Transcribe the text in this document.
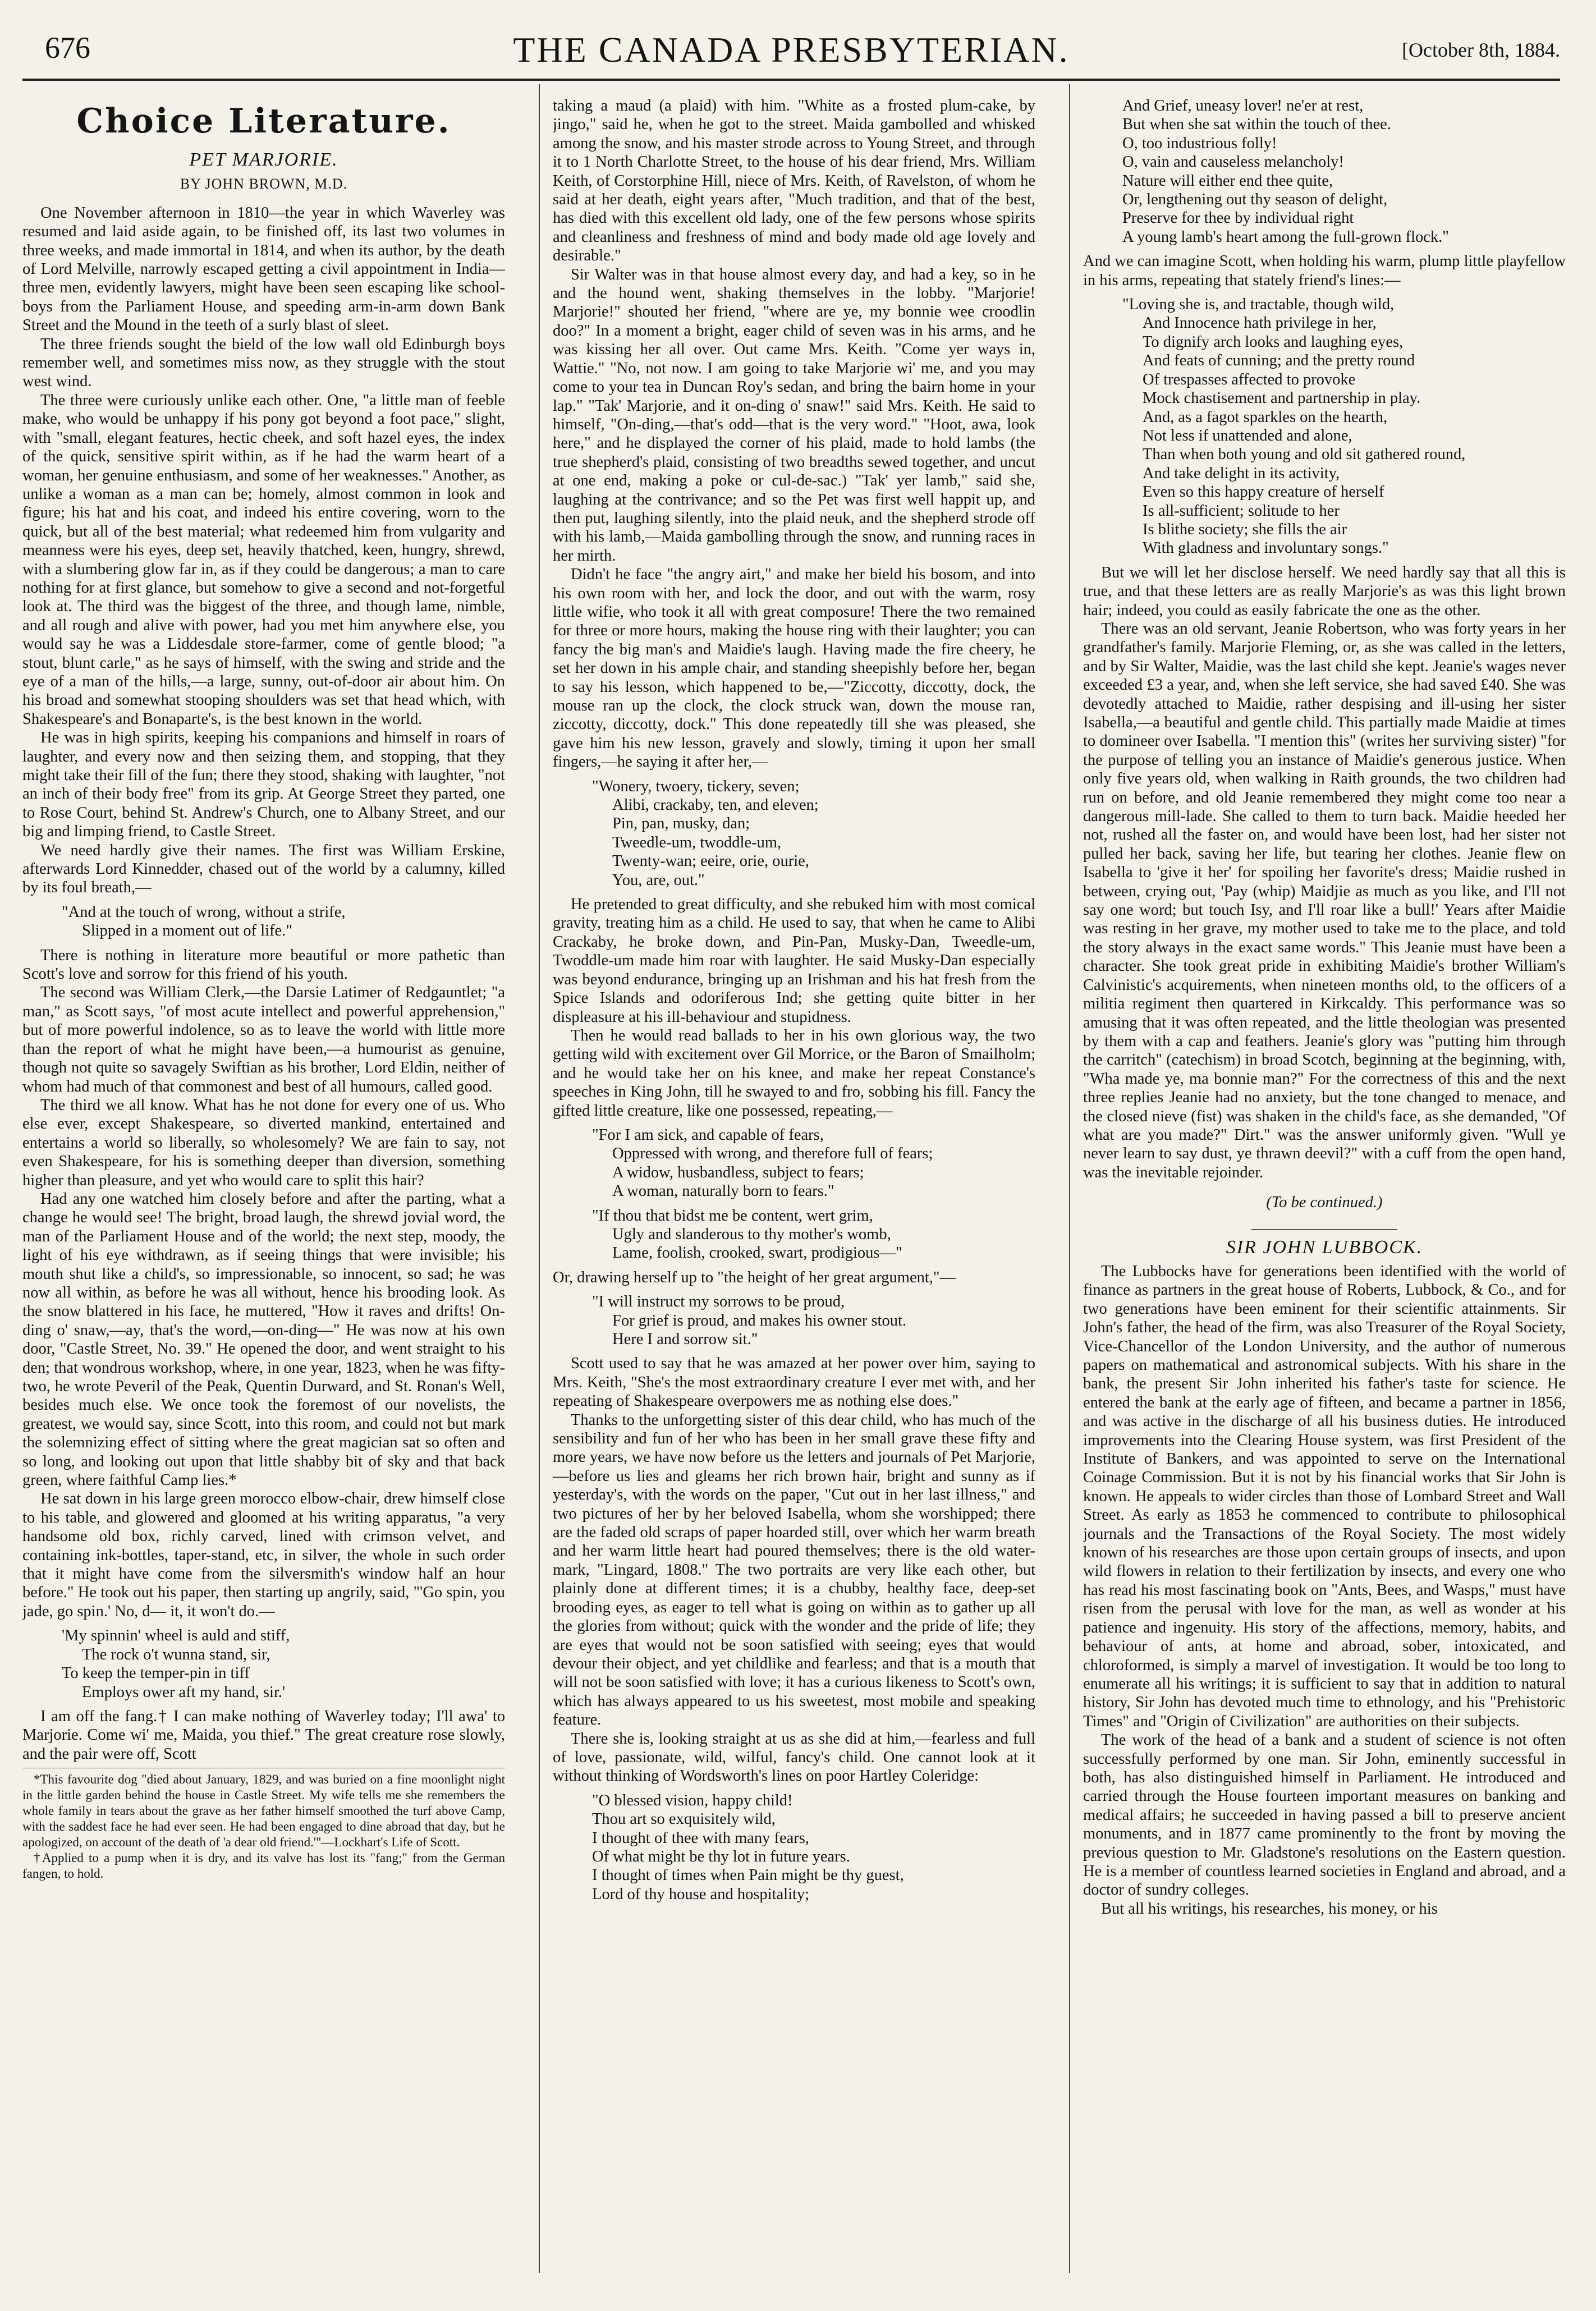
676	THE CANADA PRESBYTERIAN.	[October 8th, 1884.
Choice Literature.
PET MARJORIE.
BY JOHN BROWN, M.D.

One November afternoon in 1810—the year in which Waverley was resumed and laid aside again, to be finished off, its last two volumes in three weeks, and made immortal in 1814, and when its author, by the death of Lord Melville, narrowly escaped getting a civil appointment in India—three men, evidently lawyers, might have been seen escaping like school-boys from the Parliament House, and speeding arm-in-arm down Bank Street and the Mound in the teeth of a surly blast of sleet.

The three friends sought the bield of the low wall old Edinburgh boys remember well, and sometimes miss now, as they struggle with the stout west wind.

The three were curiously unlike each other. One, "a little man of feeble make, who would be unhappy if his pony got beyond a foot pace," slight, with "small, elegant features, hectic cheek, and soft hazel eyes, the index of the quick, sensitive spirit within, as if he had the warm heart of a woman, her genuine enthusiasm, and some of her weaknesses." Another, as unlike a woman as a man can be; homely, almost common in look and figure; his hat and his coat, and indeed his entire covering, worn to the quick, but all of the best material; what redeemed him from vulgarity and meanness were his eyes, deep set, heavily thatched, keen, hungry, shrewd, with a slumbering glow far in, as if they could be dangerous; a man to care nothing for at first glance, but somehow to give a second and not-forgetful look at. The third was the biggest of the three, and though lame, nimble, and all rough and alive with power, had you met him anywhere else, you would say he was a Liddesdale store-farmer, come of gentle blood; "a stout, blunt carle," as he says of himself, with the swing and stride and the eye of a man of the hills,—a large, sunny, out-of-door air about him. On his broad and somewhat stooping shoulders was set that head which, with Shakespeare's and Bonaparte's, is the best known in the world.

He was in high spirits, keeping his companions and himself in roars of laughter, and every now and then seizing them, and stopping, that they might take their fill of the fun; there they stood, shaking with laughter, "not an inch of their body free" from its grip. At George Street they parted, one to Rose Court, behind St. Andrew's Church, one to Albany Street, and our big and limping friend, to Castle Street.

We need hardly give their names. The first was William Erskine, afterwards Lord Kinnedder, chased out of the world by a calumny, killed by its foul breath,—

"And at the touch of wrong, without a strife,
Slipped in a moment out of life."

There is nothing in literature more beautiful or more pathetic than Scott's love and sorrow for this friend of his youth.

The second was William Clerk,—the Darsie Latimer of Redgauntlet; "a man," as Scott says, "of most acute intellect and powerful apprehension," but of more powerful indolence, so as to leave the world with little more than the report of what he might have been,—a humourist as genuine, though not quite so savagely Swiftian as his brother, Lord Eldin, neither of whom had much of that commonest and best of all humours, called good.

The third we all know. What has he not done for every one of us. Who else ever, except Shakespeare, so diverted mankind, entertained and entertains a world so liberally, so wholesomely? We are fain to say, not even Shakespeare, for his is something deeper than diversion, something higher than pleasure, and yet who would care to split this hair?

Had any one watched him closely before and after the parting, what a change he would see! The bright, broad laugh, the shrewd jovial word, the man of the Parliament House and of the world; the next step, moody, the light of his eye withdrawn, as if seeing things that were invisible; his mouth shut like a child's, so impressionable, so innocent, so sad; he was now all within, as before he was all without, hence his brooding look. As the snow blattered in his face, he muttered, "How it raves and drifts! On-ding o' snaw,—ay, that's the word,—on-ding—" He was now at his own door, "Castle Street, No. 39." He opened the door, and went straight to his den; that wondrous workshop, where, in one year, 1823, when he was fifty-two, he wrote Peveril of the Peak, Quentin Durward, and St. Ronan's Well, besides much else. We once took the foremost of our novelists, the greatest, we would say, since Scott, into this room, and could not but mark the solemnizing effect of sitting where the great magician sat so often and so long, and looking out upon that little shabby bit of sky and that back green, where faithful Camp lies.*

He sat down in his large green morocco elbow-chair, drew himself close to his table, and glowered and gloomed at his writing apparatus, "a very handsome old box, richly carved, lined with crimson velvet, and containing ink-bottles, taper-stand, etc, in silver, the whole in such order that it might have come from the silversmith's window half an hour before." He took out his paper, then starting up angrily, said, "'Go spin, you jade, go spin.' No, d— it, it won't do.—

'My spinnin' wheel is auld and stiff,
The rock o't wunna stand, sir,
To keep the temper-pin in tiff
Employs ower aft my hand, sir.'

I am off the fang.† I can make nothing of Waverley today; I'll awa' to Marjorie. Come wi' me, Maida, you thief." The great creature rose slowly, and the pair were off, Scott

*This favourite dog "died about January, 1829, and was buried on a fine moonlight night in the little garden behind the house in Castle Street. My wife tells me she remembers the whole family in tears about the grave as her father himself smoothed the turf above Camp, with the saddest face he had ever seen. He had been engaged to dine abroad that day, but he apologized, on account of the death of 'a dear old friend.'"—Lockhart's Life of Scott.

†Applied to a pump when it is dry, and its valve has lost its "fang;" from the German fangen, to hold.

taking a maud (a plaid) with him. "White as a frosted plum-cake, by jingo," said he, when he got to the street. Maida gambolled and whisked among the snow, and his master strode across to Young Street, and through it to 1 North Charlotte Street, to the house of his dear friend, Mrs. William Keith, of Corstorphine Hill, niece of Mrs. Keith, of Ravelston, of whom he said at her death, eight years after, "Much tradition, and that of the best, has died with this excellent old lady, one of the few persons whose spirits and cleanliness and freshness of mind and body made old age lovely and desirable."

Sir Walter was in that house almost every day, and had a key, so in he and the hound went, shaking themselves in the lobby. "Marjorie! Marjorie!" shouted her friend, "where are ye, my bonnie wee croodlin doo?" In a moment a bright, eager child of seven was in his arms, and he was kissing her all over. Out came Mrs. Keith. "Come yer ways in, Wattie." "No, not now. I am going to take Marjorie wi' me, and you may come to your tea in Duncan Roy's sedan, and bring the bairn home in your lap." "Tak' Marjorie, and it on-ding o' snaw!" said Mrs. Keith. He said to himself, "On-ding,—that's odd—that is the very word." "Hoot, awa, look here," and he displayed the corner of his plaid, made to hold lambs (the true shepherd's plaid, consisting of two breadths sewed together, and uncut at one end, making a poke or cul-de-sac.) "Tak' yer lamb," said she, laughing at the contrivance; and so the Pet was first well happit up, and then put, laughing silently, into the plaid neuk, and the shepherd strode off with his lamb,—Maida gambolling through the snow, and running races in her mirth.

Didn't he face "the angry airt," and make her bield his bosom, and into his own room with her, and lock the door, and out with the warm, rosy little wifie, who took it all with great composure! There the two remained for three or more hours, making the house ring with their laughter; you can fancy the big man's and Maidie's laugh. Having made the fire cheery, he set her down in his ample chair, and standing sheepishly before her, began to say his lesson, which happened to be,—"Ziccotty, diccotty, dock, the mouse ran up the clock, the clock struck wan, down the mouse ran, ziccotty, diccotty, dock." This done repeatedly till she was pleased, she gave him his new lesson, gravely and slowly, timing it upon her small fingers,—he saying it after her,—

"Wonery, twoery, tickery, seven;
Alibi, crackaby, ten, and eleven;
Pin, pan, musky, dan;
Tweedle-um, twoddle-um,
Twenty-wan; eeire, orie, ourie,
You, are, out."

He pretended to great difficulty, and she rebuked him with most comical gravity, treating him as a child. He used to say, that when he came to Alibi Crackaby, he broke down, and Pin-Pan, Musky-Dan, Tweedle-um, Twoddle-um made him roar with laughter. He said Musky-Dan especially was beyond endurance, bringing up an Irishman and his hat fresh from the Spice Islands and odoriferous Ind; she getting quite bitter in her displeasure at his ill-behaviour and stupidness.

Then he would read ballads to her in his own glorious way, the two getting wild with excitement over Gil Morrice, or the Baron of Smailholm; and he would take her on his knee, and make her repeat Constance's speeches in King John, till he swayed to and fro, sobbing his fill. Fancy the gifted little creature, like one possessed, repeating,—

"For I am sick, and capable of fears,
Oppressed with wrong, and therefore full of fears;
A widow, husbandless, subject to fears;
A woman, naturally born to fears."
"If thou that bidst me be content, wert grim,
Ugly and slanderous to thy mother's womb,
Lame, foolish, crooked, swart, prodigious—"

Or, drawing herself up to "the height of her great argument,"—

"I will instruct my sorrows to be proud,
For grief is proud, and makes his owner stout.
Here I and sorrow sit."

Scott used to say that he was amazed at her power over him, saying to Mrs. Keith, "She's the most extraordinary creature I ever met with, and her repeating of Shakespeare overpowers me as nothing else does."

Thanks to the unforgetting sister of this dear child, who has much of the sensibility and fun of her who has been in her small grave these fifty and more years, we have now before us the letters and journals of Pet Marjorie,—before us lies and gleams her rich brown hair, bright and sunny as if yesterday's, with the words on the paper, "Cut out in her last illness," and two pictures of her by her beloved Isabella, whom she worshipped; there are the faded old scraps of paper hoarded still, over which her warm breath and her warm little heart had poured themselves; there is the old water-mark, "Lingard, 1808." The two portraits are very like each other, but plainly done at different times; it is a chubby, healthy face, deep-set brooding eyes, as eager to tell what is going on within as to gather up all the glories from without; quick with the wonder and the pride of life; they are eyes that would not be soon satisfied with seeing; eyes that would devour their object, and yet childlike and fearless; and that is a mouth that will not be soon satisfied with love; it has a curious likeness to Scott's own, which has always appeared to us his sweetest, most mobile and speaking feature.

There she is, looking straight at us as she did at him,—fearless and full of love, passionate, wild, wilful, fancy's child. One cannot look at it without thinking of Wordsworth's lines on poor Hartley Coleridge:

"O blessed vision, happy child!
Thou art so exquisitely wild,
I thought of thee with many fears,
Of what might be thy lot in future years.
I thought of times when Pain might be thy guest,
Lord of thy house and hospitality;
And Grief, uneasy lover! ne'er at rest,
But when she sat within the touch of thee.
O, too industrious folly!
O, vain and causeless melancholy!
Nature will either end thee quite,
Or, lengthening out thy season of delight,
Preserve for thee by individual right
A young lamb's heart among the full-grown flock."

And we can imagine Scott, when holding his warm, plump little playfellow in his arms, repeating that stately friend's lines:—

"Loving she is, and tractable, though wild,
And Innocence hath privilege in her,
To dignify arch looks and laughing eyes,
And feats of cunning; and the pretty round
Of trespasses affected to provoke
Mock chastisement and partnership in play.
And, as a fagot sparkles on the hearth,
Not less if unattended and alone,
Than when both young and old sit gathered round,
And take delight in its activity,
Even so this happy creature of herself
Is all-sufficient; solitude to her
Is blithe society; she fills the air
With gladness and involuntary songs."

But we will let her disclose herself. We need hardly say that all this is true, and that these letters are as really Marjorie's as was this light brown hair; indeed, you could as easily fabricate the one as the other.

There was an old servant, Jeanie Robertson, who was forty years in her grandfather's family. Marjorie Fleming, or, as she was called in the letters, and by Sir Walter, Maidie, was the last child she kept. Jeanie's wages never exceeded £3 a year, and, when she left service, she had saved £40. She was devotedly attached to Maidie, rather despising and ill-using her sister Isabella,—a beautiful and gentle child. This partially made Maidie at times to domineer over Isabella. "I mention this" (writes her surviving sister) "for the purpose of telling you an instance of Maidie's generous justice. When only five years old, when walking in Raith grounds, the two children had run on before, and old Jeanie remembered they might come too near a dangerous mill-lade. She called to them to turn back. Maidie heeded her not, rushed all the faster on, and would have been lost, had her sister not pulled her back, saving her life, but tearing her clothes. Jeanie flew on Isabella to 'give it her' for spoiling her favorite's dress; Maidie rushed in between, crying out, 'Pay (whip) Maidjie as much as you like, and I'll not say one word; but touch Isy, and I'll roar like a bull!' Years after Maidie was resting in her grave, my mother used to take me to the place, and told the story always in the exact same words." This Jeanie must have been a character. She took great pride in exhibiting Maidie's brother William's Calvinistic's acquirements, when nineteen months old, to the officers of a militia regiment then quartered in Kirkcaldy. This performance was so amusing that it was often repeated, and the little theologian was presented by them with a cap and feathers. Jeanie's glory was "putting him through the carritch" (catechism) in broad Scotch, beginning at the beginning, with, "Wha made ye, ma bonnie man?" For the correctness of this and the next three replies Jeanie had no anxiety, but the tone changed to menace, and the closed nieve (fist) was shaken in the child's face, as she demanded, "Of what are you made?" Dirt." was the answer uniformly given. "Wull ye never learn to say dust, ye thrawn deevil?" with a cuff from the open hand, was the inevitable rejoinder.

(To be continued.)
SIR JOHN LUBBOCK.

The Lubbocks have for generations been identified with the world of finance as partners in the great house of Roberts, Lubbock, & Co., and for two generations have been eminent for their scientific attainments. Sir John's father, the head of the firm, was also Treasurer of the Royal Society, Vice-Chancellor of the London University, and the author of numerous papers on mathematical and astronomical subjects. With his share in the bank, the present Sir John inherited his father's taste for science. He entered the bank at the early age of fifteen, and became a partner in 1856, and was active in the discharge of all his business duties. He introduced improvements into the Clearing House system, was first President of the Institute of Bankers, and was appointed to serve on the International Coinage Commission. But it is not by his financial works that Sir John is known. He appeals to wider circles than those of Lombard Street and Wall Street. As early as 1853 he commenced to contribute to philosophical journals and the Transactions of the Royal Society. The most widely known of his researches are those upon certain groups of insects, and upon wild flowers in relation to their fertilization by insects, and every one who has read his most fascinating book on "Ants, Bees, and Wasps," must have risen from the perusal with love for the man, as well as wonder at his patience and ingenuity. His story of the affections, memory, habits, and behaviour of ants, at home and abroad, sober, intoxicated, and chloroformed, is simply a marvel of investigation. It would be too long to enumerate all his writings; it is sufficient to say that in addition to natural history, Sir John has devoted much time to ethnology, and his "Prehistoric Times" and "Origin of Civilization" are authorities on their subjects.

The work of the head of a bank and a student of science is not often successfully performed by one man. Sir John, eminently successful in both, has also distinguished himself in Parliament. He introduced and carried through the House fourteen important measures on banking and medical affairs; he succeeded in having passed a bill to preserve ancient monuments, and in 1877 came prominently to the front by moving the previous question to Mr. Gladstone's resolutions on the Eastern question. He is a member of countless learned societies in England and abroad, and a doctor of sundry colleges.

But all his writings, his researches, his money, or his
